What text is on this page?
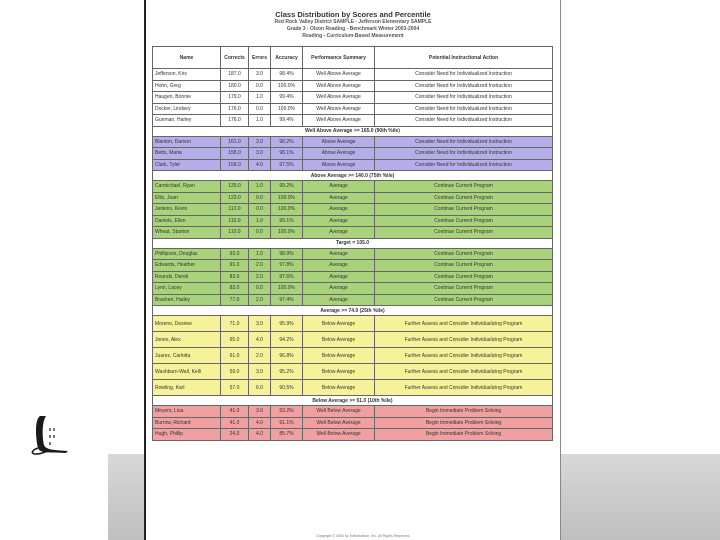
Class Distribution by Scores and Percentile
Red Rock Valley District SAMPLE - Jefferson Elementary SAMPLE
Grade 3 - Olson Reading - Benchmark Winter 2003-2004
Reading - Curriculum-Based Measurement
Name	Corrects	Errors	Accuracy	Performance Summary	Potential Instructional Action
Jefferson, Kris	187.0	3.0	98.4%	Well Above Average	Consider Need for Individualized Instruction
Hohn, Greg	180.0	0.0	100.0%	Well Above Average	Consider Need for Individualized Instruction
Haugen, Bonnie	179.0	1.0	99.4%	Well Above Average	Consider Need for Individualized Instruction
Docker, Lindsey	176.0	0.0	100.0%	Well Above Average	Consider Need for Individualized Instruction
Gunman, Harley	176.0	1.0	99.4%	Well Above Average	Consider Need for Individualized Instruction
Well Above Average >= 165.0 (90th %ile)					
Blanton, Damon	161.0	3.0	98.2%	Above Average	Consider Need for Individualized Instruction
Betts, Maria	158.0	3.0	98.1%	Above Average	Consider Need for Individualized Instruction
Clark, Tyler	158.0	4.0	97.5%	Above Average	Consider Need for Individualized Instruction
Above Average >= 140.0 (75th %ile)					
Carmichael, Ryan	125.0	1.0	99.2%	Average	Continue Current Program
Ellis, Joan	123.0	0.0	100.0%	Average	Continue Current Program
Jenkins, Kevin	113.0	0.0	100.0%	Average	Continue Current Program
Daniels, Ellen	110.0	1.0	99.1%	Average	Continue Current Program
Wheat, Stanton	110.0	0.0	100.0%	Average	Continue Current Program
Target = 105.0					
Phillipson, Douglas	93.0	1.0	98.9%	Average	Continue Current Program
Edwards, Heather	91.0	2.0	97.8%	Average	Continue Current Program
Rounds, Derek	83.0	2.0	97.6%	Average	Continue Current Program
Lynn, Lacey	83.0	0.0	100.0%	Average	Continue Current Program
Bracken, Hailey	77.0	2.0	97.4%	Average	Continue Current Program
Average >= 74.0 (25th %ile)					
Moreno, Desiree	71.0	3.0	95.9%	Below Average	Further Assess and Consider Individualizing Program
Jones, Alex	65.0	4.0	94.2%	Below Average	Further Assess and Consider Individualizing Program
Juarez, Carlotta	61.0	2.0	96.8%	Below Average	Further Assess and Consider Individualizing Program
Washburn-Wall, Kelli	59.0	3.0	95.2%	Below Average	Further Assess and Consider Individualizing Program
Rowling, Karl	57.0	6.0	90.5%	Below Average	Further Assess and Consider Individualizing Program
Below Average >= 51.0 (10th %ile)					
Meyers, Lisa	41.0	3.0	93.2%	Well Below Average	Begin Immediate Problem Solving
Burrow, Richard	41.0	4.0	91.1%	Well Below Average	Begin Immediate Problem Solving
Hugh, Phillip	24.0	4.0	85.7%	Well Below Average	Begin Immediate Problem Solving
Copyright © 2004 by Edformation, Inc. All Rights Reserved.
